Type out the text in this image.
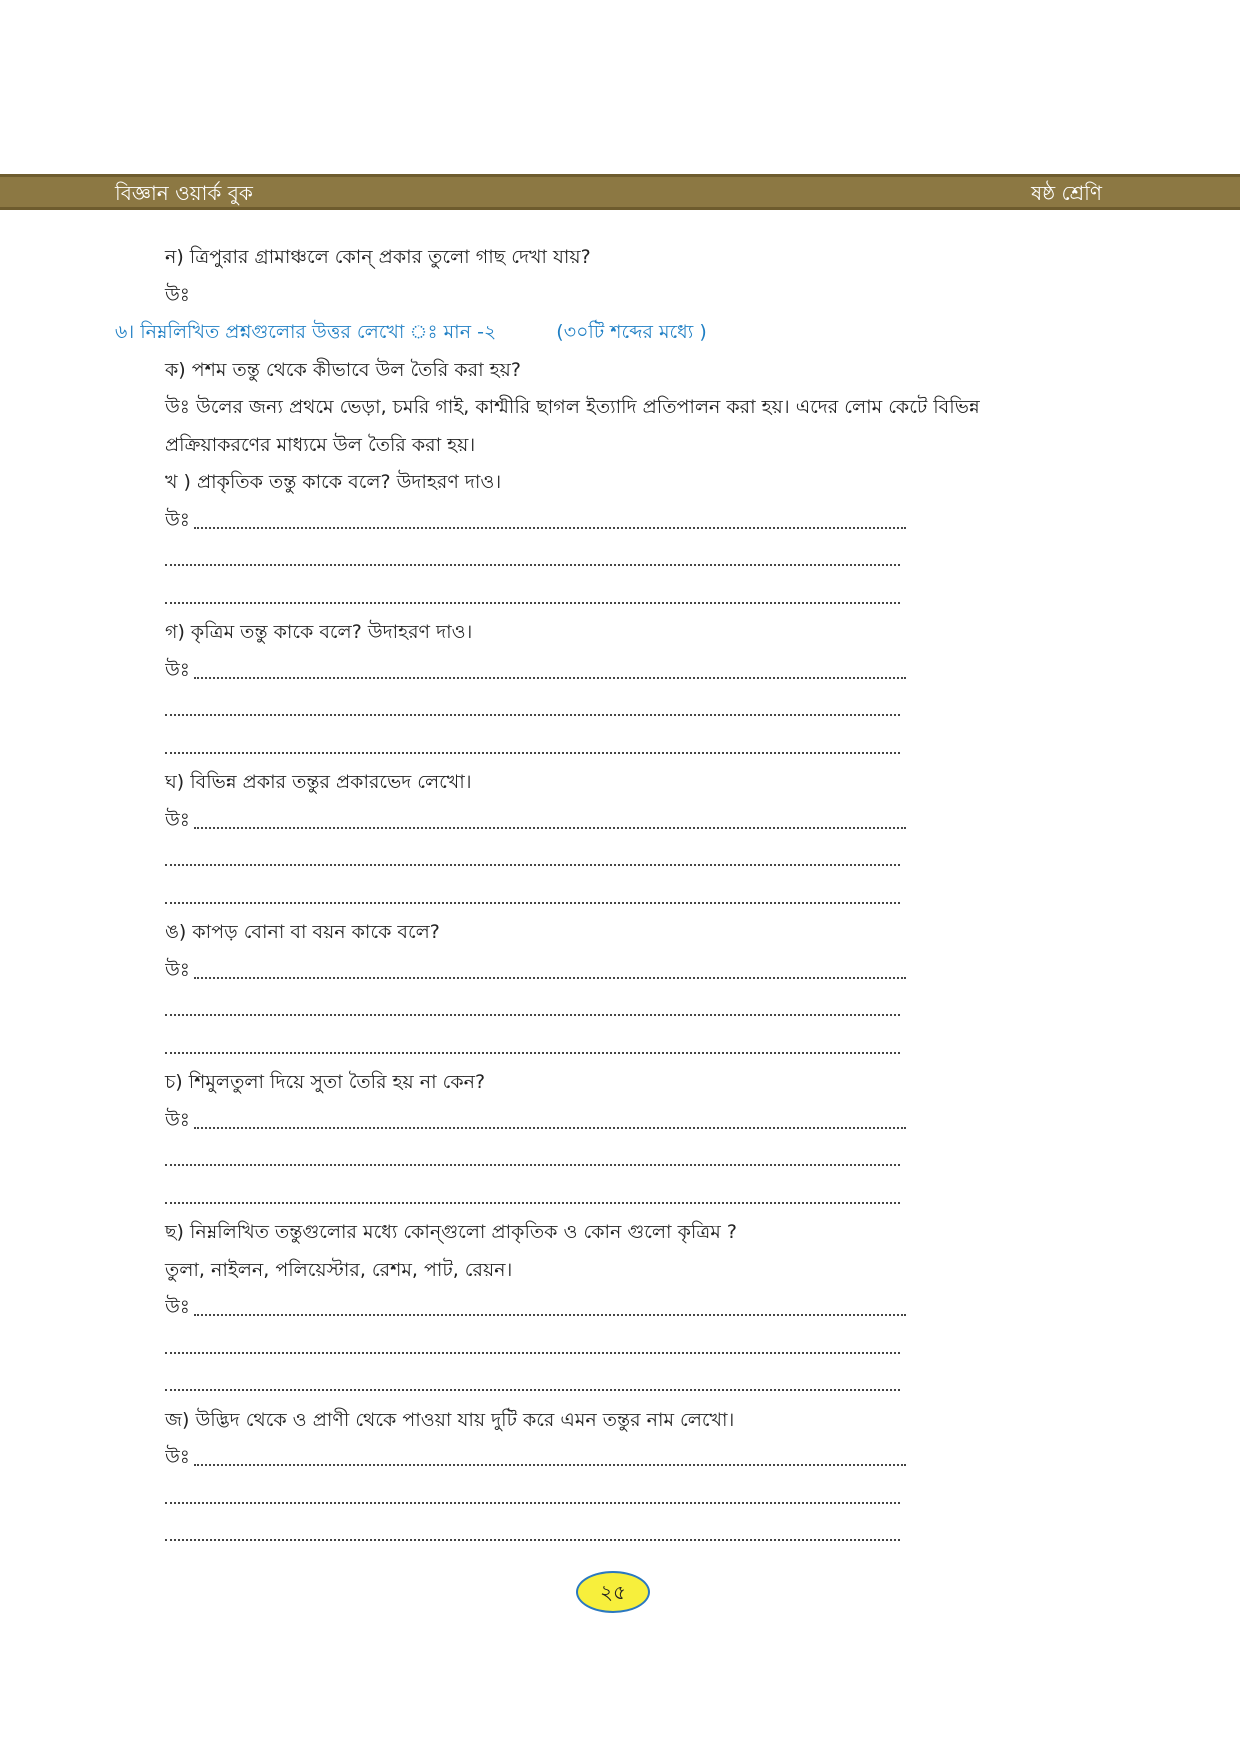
বিজ্ঞান ওয়ার্ক বুক	ষষ্ঠ শ্রেণি
ন) ত্রিপুরার গ্রামাঞ্চলে কোন্ প্রকার তুলো গাছ দেখা যায়?
উঃ
৬। নিম্নলিখিত প্রশ্নগুলোর উত্তর লেখো ঃ মান -২	(৩০টি শব্দের মধ্যে )
ক) পশম তন্তু থেকে কীভাবে উল তৈরি করা হয়?
উঃ উলের জন্য প্রথমে ভেড়া, চমরি গাই, কাশ্মীরি ছাগল ইত্যাদি প্রতিপালন করা হয়। এদের লোম কেটে বিভিন্ন
প্রক্রিয়াকরণের মাধ্যমে উল তৈরি করা হয়।
খ ) প্রাকৃতিক তন্তু কাকে বলে? উদাহরণ দাও।
উঃ
গ) কৃত্রিম তন্তু কাকে বলে? উদাহরণ দাও।
উঃ
ঘ) বিভিন্ন প্রকার তন্তুর প্রকারভেদ লেখো।
উঃ
ঙ) কাপড় বোনা বা বয়ন কাকে বলে?
উঃ
চ) শিমুলতুলা দিয়ে সুতা তৈরি হয় না কেন?
উঃ
ছ) নিম্নলিখিত তন্তুগুলোর মধ্যে কোন্‌গুলো প্রাকৃতিক ও কোন গুলো কৃত্রিম ?
তুলা, নাইলন, পলিয়েস্টার, রেশম, পাট, রেয়ন।
উঃ
জ) উদ্ভিদ থেকে ও প্রাণী থেকে পাওয়া যায় দুটি করে এমন তন্তুর নাম লেখো।
উঃ
২৫
